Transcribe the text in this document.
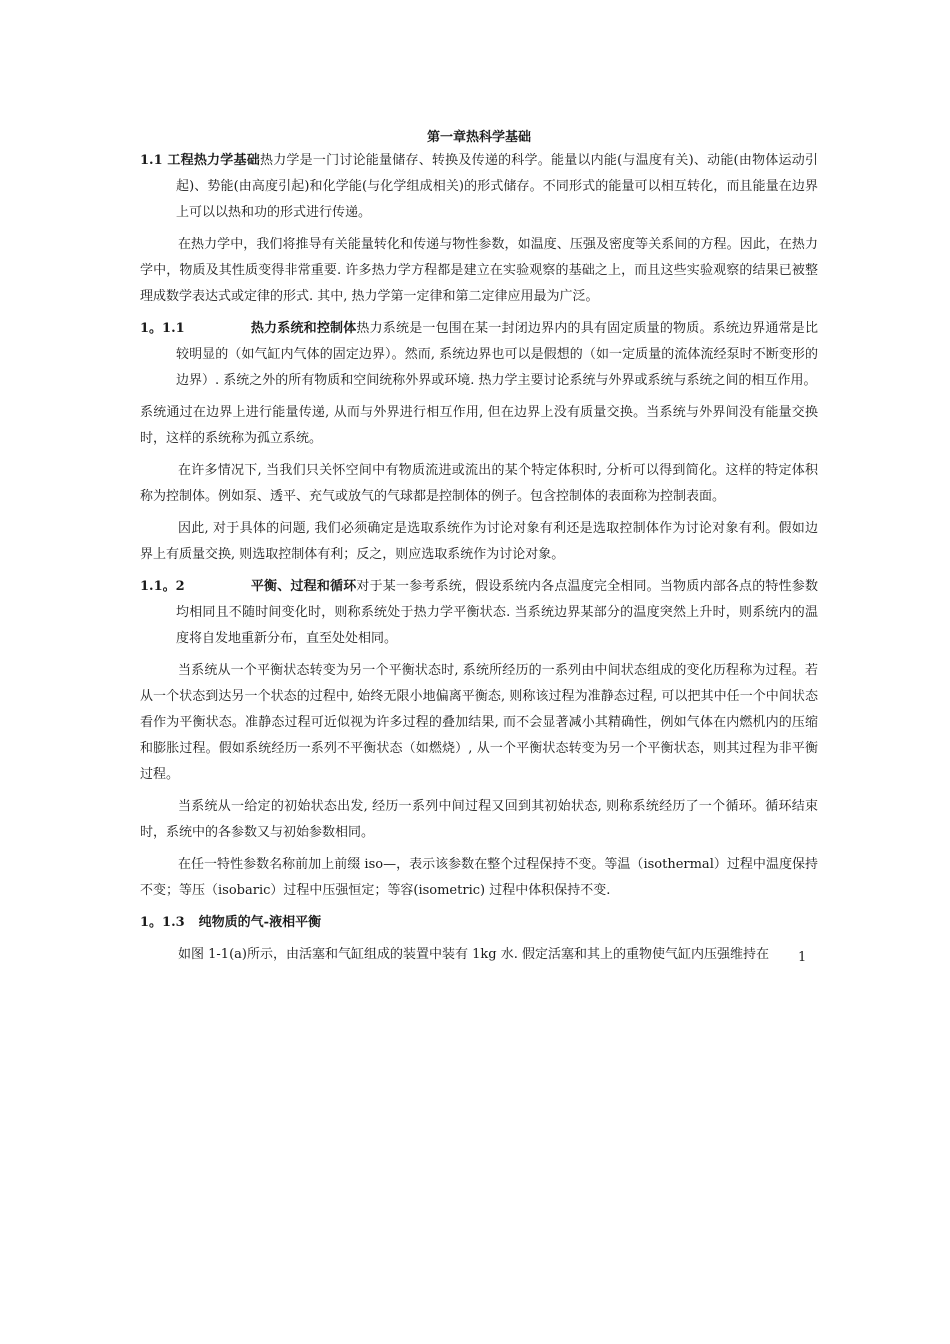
第一章热科学基础

1.1 工程热力学基础热力学是一门讨论能量储存、转换及传递的科学。能量以内能(与温度有关)、动能(由物体运动引起)、势能(由高度引起)和化学能(与化学组成相关)的形式储存。不同形式的能量可以相互转化，而且能量在边界上可以以热和功的形式进行传递。

在热力学中，我们将推导有关能量转化和传递与物性参数，如温度、压强及密度等关系间的方程。因此，在热力学中，物质及其性质变得非常重要. 许多热力学方程都是建立在实验观察的基础之上，而且这些实验观察的结果已被整理成数学表达式或定律的形式. 其中, 热力学第一定律和第二定律应用最为广泛。

1。1.1	热力系统和控制体热力系统是一包围在某一封闭边界内的具有固定质量的物质。系统边界通常是比较明显的（如气缸内气体的固定边界）。然而, 系统边界也可以是假想的（如一定质量的流体流经泵时不断变形的边界）. 系统之外的所有物质和空间统称外界或环境. 热力学主要讨论系统与外界或系统与系统之间的相互作用。

系统通过在边界上进行能量传递, 从而与外界进行相互作用, 但在边界上没有质量交换。当系统与外界间没有能量交换时，这样的系统称为孤立系统。

在许多情况下, 当我们只关怀空间中有物质流进或流出的某个特定体积时, 分析可以得到简化。这样的特定体积称为控制体。例如泵、透平、充气或放气的气球都是控制体的例子。包含控制体的表面称为控制表面。

因此, 对于具体的问题, 我们必须确定是选取系统作为讨论对象有利还是选取控制体作为讨论对象有利。假如边界上有质量交换, 则选取控制体有利；反之，则应选取系统作为讨论对象。

1.1。2	平衡、过程和循环对于某一参考系统，假设系统内各点温度完全相同。当物质内部各点的特性参数均相同且不随时间变化时，则称系统处于热力学平衡状态. 当系统边界某部分的温度突然上升时，则系统内的温度将自发地重新分布，直至处处相同。

当系统从一个平衡状态转变为另一个平衡状态时, 系统所经历的一系列由中间状态组成的变化历程称为过程。若从一个状态到达另一个状态的过程中, 始终无限小地偏离平衡态, 则称该过程为准静态过程, 可以把其中任一个中间状态看作为平衡状态。准静态过程可近似视为许多过程的叠加结果, 而不会显著减小其精确性，例如气体在内燃机内的压缩和膨胀过程。假如系统经历一系列不平衡状态（如燃烧）, 从一个平衡状态转变为另一个平衡状态，则其过程为非平衡过程。

当系统从一给定的初始状态出发, 经历一系列中间过程又回到其初始状态, 则称系统经历了一个循环。循环结束时，系统中的各参数又与初始参数相同。

在任一特性参数名称前加上前缀 iso—，表示该参数在整个过程保持不变。等温（isothermal）过程中温度保持不变；等压（isobaric）过程中压强恒定；等容(isometric) 过程中体积保持不变.

1。1.3 纯物质的气-液相平衡

如图 1-1(a)所示，由活塞和气缸组成的装置中装有 1kg 水. 假定活塞和其上的重物使气缸内压强维持在	1
